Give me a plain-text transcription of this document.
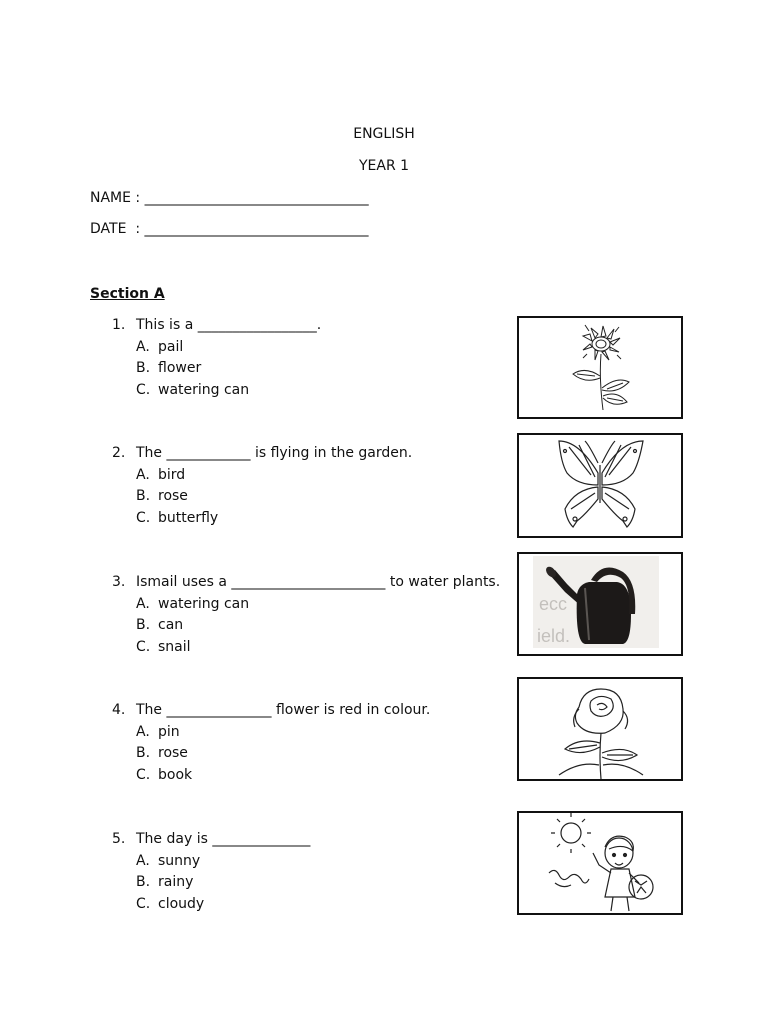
ENGLISH
YEAR 1
NAME : ________________________________
DATE  : ________________________________
Section A
1. This is a _________________.
A. pail
B. flower
C. watering can
2. The ____________ is flying in the garden.
A. bird
B. rose
C. butterfly
3. Ismail uses a ______________________ to water plants.
A. watering can
B. can
C. snail
4. The _______________ flower is red in colour.
A. pin
B. rose
C. book
5. The day is ______________
A. sunny
B. rainy
C. cloudy
ecc
ield.
